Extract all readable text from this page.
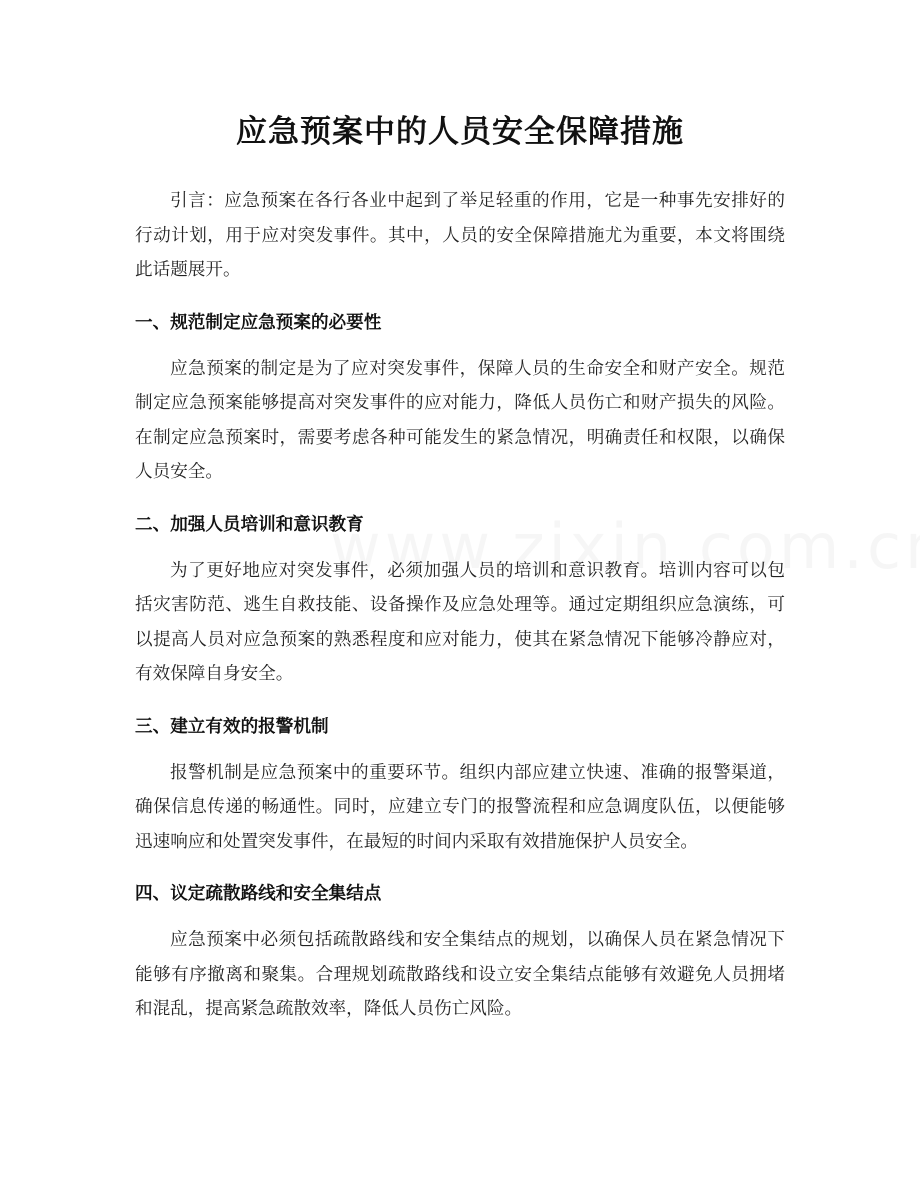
应急预案中的人员安全保障措施

引言：应急预案在各行各业中起到了举足轻重的作用，它是一种事先安排好的行动计划，用于应对突发事件。其中，人员的安全保障措施尤为重要，本文将围绕此话题展开。

一、规范制定应急预案的必要性

应急预案的制定是为了应对突发事件，保障人员的生命安全和财产安全。规范制定应急预案能够提高对突发事件的应对能力，降低人员伤亡和财产损失的风险。在制定应急预案时，需要考虑各种可能发生的紧急情况，明确责任和权限，以确保人员安全。

二、加强人员培训和意识教育

为了更好地应对突发事件，必须加强人员的培训和意识教育。培训内容可以包括灾害防范、逃生自救技能、设备操作及应急处理等。通过定期组织应急演练，可以提高人员对应急预案的熟悉程度和应对能力，使其在紧急情况下能够冷静应对，有效保障自身安全。

三、建立有效的报警机制

报警机制是应急预案中的重要环节。组织内部应建立快速、准确的报警渠道，确保信息传递的畅通性。同时，应建立专门的报警流程和应急调度队伍，以便能够迅速响应和处置突发事件，在最短的时间内采取有效措施保护人员安全。

四、议定疏散路线和安全集结点

应急预案中必须包括疏散路线和安全集结点的规划，以确保人员在紧急情况下能够有序撤离和聚集。合理规划疏散路线和设立安全集结点能够有效避免人员拥堵和混乱，提高紧急疏散效率，降低人员伤亡风险。
